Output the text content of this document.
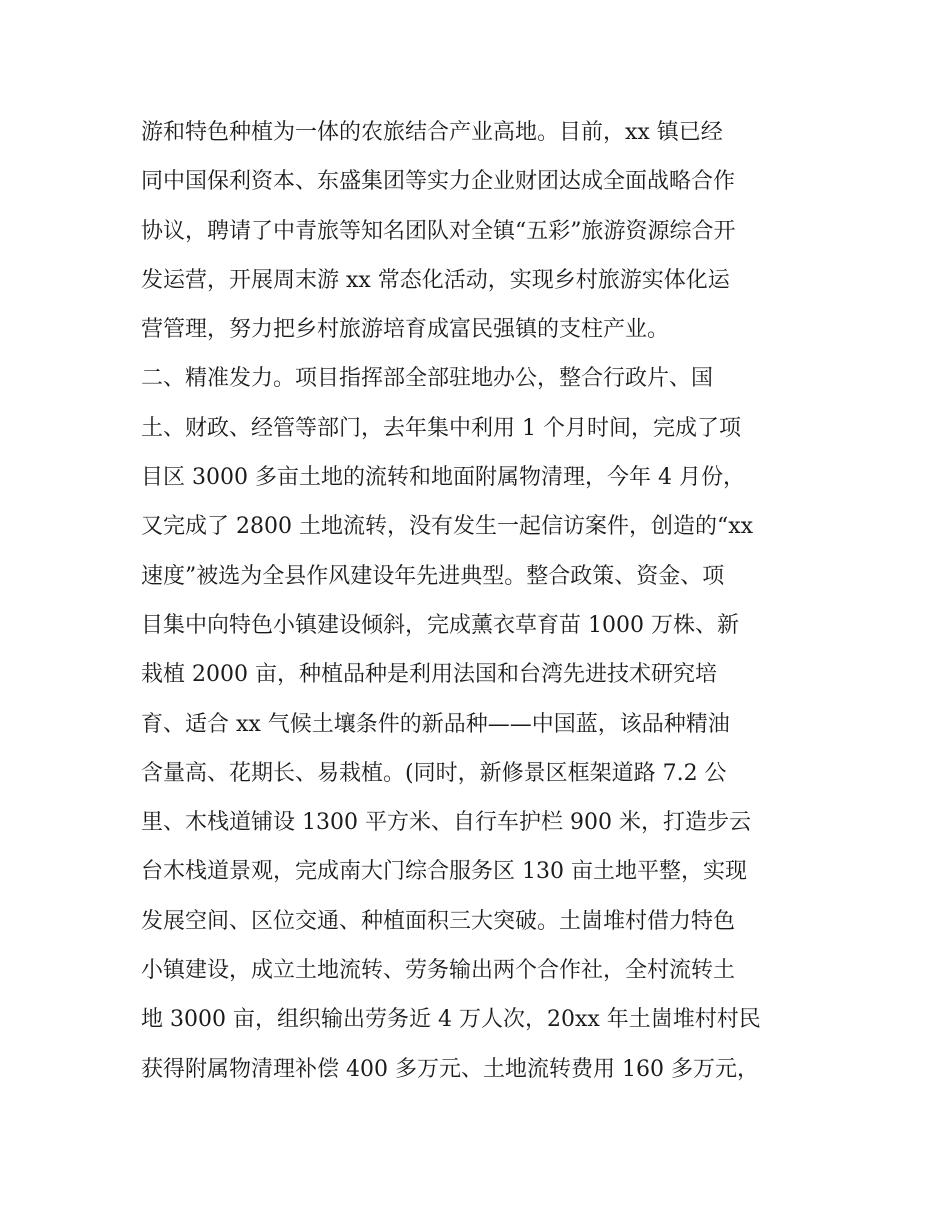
游和特色种植为一体的农旅结合产业高地。目前，xx 镇已经
同中国保利资本、东盛集团等实力企业财团达成全面战略合作
协议，聘请了中青旅等知名团队对全镇“五彩”旅游资源综合开
发运营，开展周末游 xx 常态化活动，实现乡村旅游实体化运
营管理，努力把乡村旅游培育成富民强镇的支柱产业。
二、精准发力。项目指挥部全部驻地办公，整合行政片、国
土、财政、经管等部门，去年集中利用 1 个月时间，完成了项
目区 3000 多亩土地的流转和地面附属物清理，今年 4 月份，
又完成了 2800 土地流转，没有发生一起信访案件，创造的“xx
速度”被选为全县作风建设年先进典型。整合政策、资金、项
目集中向特色小镇建设倾斜，完成薰衣草育苗 1000 万株、新
栽植 2000 亩，种植品种是利用法国和台湾先进技术研究培
育、适合 xx 气候土壤条件的新品种——中国蓝，该品种精油
含量高、花期长、易栽植。(同时，新修景区框架道路 7.2 公
里、木栈道铺设 1300 平方米、自行车护栏 900 米，打造步云
台木栈道景观，完成南大门综合服务区 130 亩土地平整，实现
发展空间、区位交通、种植面积三大突破。土崮堆村借力特色
小镇建设，成立土地流转、劳务输出两个合作社，全村流转土
地 3000 亩，组织输出劳务近 4 万人次，20xx 年土崮堆村村民
获得附属物清理补偿 400 多万元、土地流转费用 160 多万元，
